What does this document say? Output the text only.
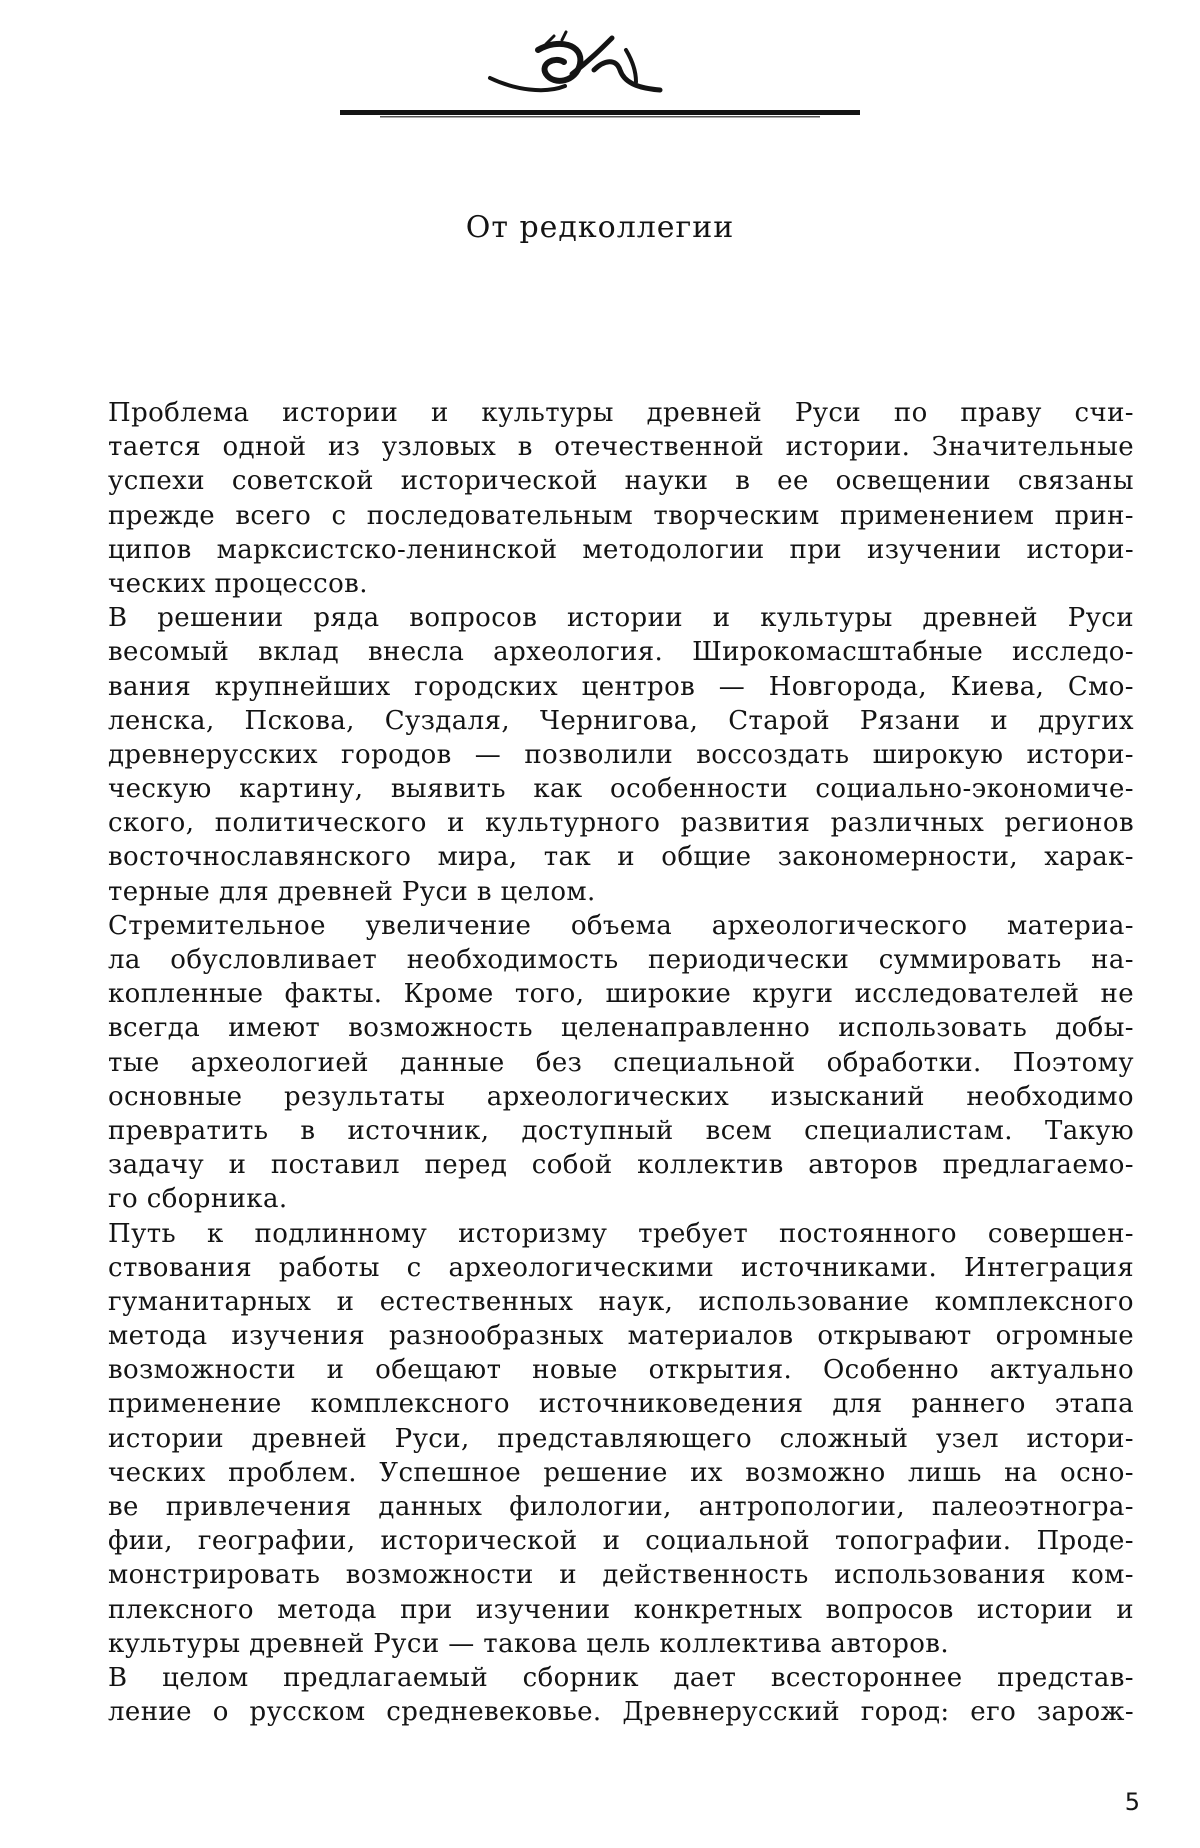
От редколлегии

Проблема истории и культуры древней Руси по праву счи-
тается одной из узловых в отечественной истории. Значительные
успехи советской исторической науки в ее освещении связаны
прежде всего с последовательным творческим применением прин-
ципов марксистско-ленинской методологии при изучении истори-
ческих процессов.

В решении ряда вопросов истории и культуры древней Руси
весомый вклад внесла археология. Широкомасштабные исследо-
вания крупнейших городских центров — Новгорода, Киева, Смо-
ленска, Пскова, Суздаля, Чернигова, Старой Рязани и других
древнерусских городов — позволили воссоздать широкую истори-
ческую картину, выявить как особенности социально-экономиче-
ского, политического и культурного развития различных регионов
восточнославянского мира, так и общие закономерности, харак-
терные для древней Руси в целом.

Стремительное увеличение объема археологического материа-
ла обусловливает необходимость периодически суммировать на-
копленные факты. Кроме того, широкие круги исследователей не
всегда имеют возможность целенаправленно использовать добы-
тые археологией данные без специальной обработки. Поэтому
основные результаты археологических изысканий необходимо
превратить в источник, доступный всем специалистам. Такую
задачу и поставил перед собой коллектив авторов предлагаемо-
го сборника.

Путь к подлинному историзму требует постоянного совершен-
ствования работы с археологическими источниками. Интеграция
гуманитарных и естественных наук, использование комплексного
метода изучения разнообразных материалов открывают огромные
возможности и обещают новые открытия. Особенно актуально
применение комплексного источниковедения для раннего этапа
истории древней Руси, представляющего сложный узел истори-
ческих проблем. Успешное решение их возможно лишь на осно-
ве привлечения данных филологии, антропологии, палеоэтногра-
фии, географии, исторической и социальной топографии. Проде-
монстрировать возможности и действенность использования ком-
плексного метода при изучении конкретных вопросов истории и
культуры древней Руси — такова цель коллектива авторов.

В целом предлагаемый сборник дает всестороннее представ-
ление о русском средневековье. Древнерусский город: его зарож-

5
